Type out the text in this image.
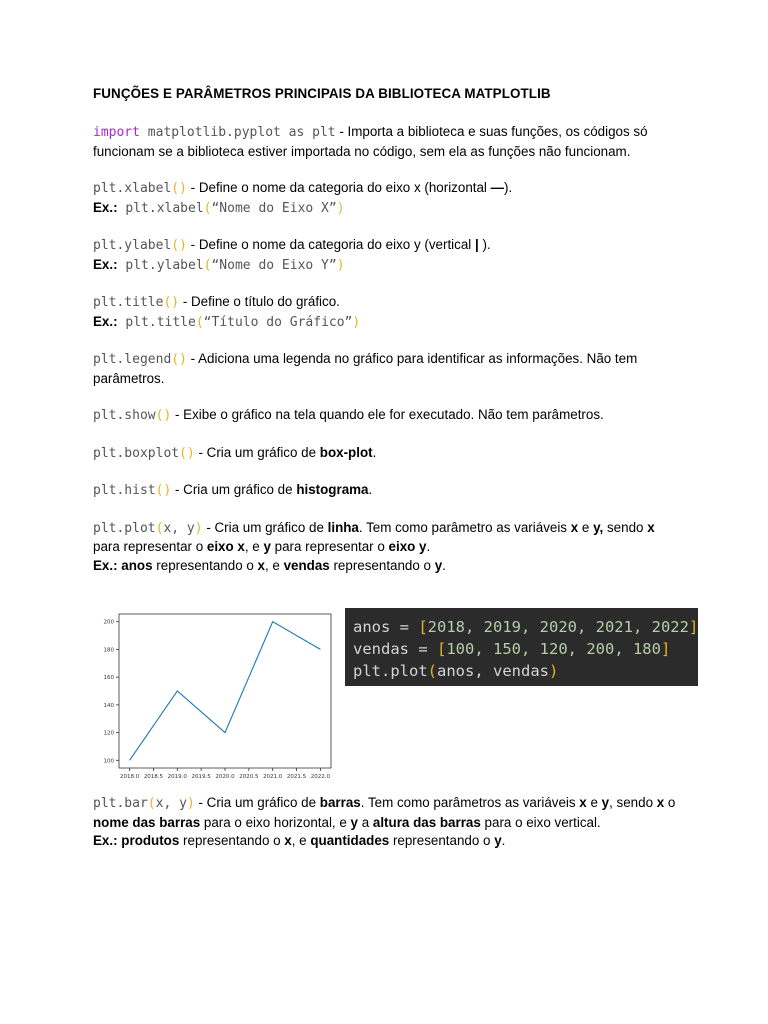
FUNÇÕES E PARÂMETROS PRINCIPAIS DA BIBLIOTECA MATPLOTLIB
import matplotlib.pyplot as plt - Importa a biblioteca e suas funções, os códigos só funcionam se a biblioteca estiver importada no código, sem ela as funções não funcionam.
plt.xlabel() - Define o nome da categoria do eixo x (horizontal —).
Ex.: plt.xlabel(“Nome do Eixo X”)
plt.ylabel() - Define o nome da categoria do eixo y (vertical | ).
Ex.: plt.ylabel(“Nome do Eixo Y”)
plt.title() - Define o título do gráfico.
Ex.: plt.title(“Título do Gráfico”)
plt.legend() - Adiciona uma legenda no gráfico para identificar as informações. Não tem parâmetros.
plt.show() - Exibe o gráfico na tela quando ele for executado. Não tem parâmetros.
plt.boxplot() - Cria um gráfico de box-plot.
plt.hist() - Cria um gráfico de histograma.
plt.plot(x, y) - Cria um gráfico de linha. Tem como parâmetro as variáveis x e y, sendo x para representar o eixo x, e y para representar o eixo y.
Ex.: anos representando o x, e vendas representando o y.
100
120
140
160
180
200
2018.0 2018.5 2019.0 2019.5 2020.0 2020.5 2021.0 2021.5 2022.0
anos = [2018, 2019, 2020, 2021, 2022]
vendas = [100, 150, 120, 200, 180]
plt.plot(anos, vendas)
plt.bar(x, y) - Cria um gráfico de barras. Tem como parâmetros as variáveis x e y, sendo x o nome das barras para o eixo horizontal, e y a altura das barras para o eixo vertical.
Ex.: produtos representando o x, e quantidades representando o y.
